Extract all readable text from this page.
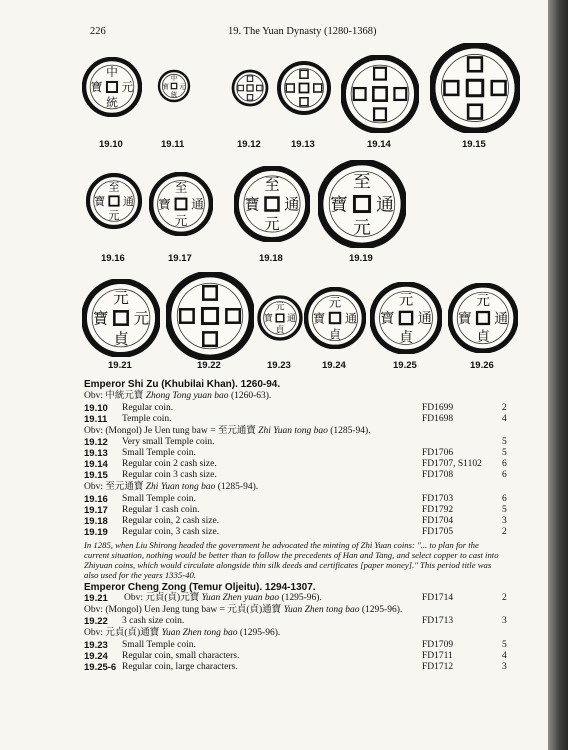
226	19. The Yuan Dynasty (1280-1368)
中
元
統
寶
19.10
中
元
統
寶
19.11	19.12	19.13	19.14	19.15
至
通
元
寶
19.16
至
通
元
寶
19.17
至
通
元
寶
19.18
至
通
元
寶
19.19
元
元
貞
寶
19.21	19.22
元
通
貞
寶
19.23
元
通
貞
寶
19.24
元
通
貞
寶
19.25
元
通
貞
寶
19.26
Emperor Shi Zu (Khubilai Khan). 1260-94.
Obv: 中統元寶 Zhong Tong yuan bao (1260-63).
19.10 Regular coin.	FD1699	2
19.11 Temple coin.	FD1698	4
Obv: (Mongol) Je Uen tung baw = 至元通寶 Zhi Yuan tong bao (1285-94).
19.12 Very small Temple coin.	5
19.13 Small Temple coin.	FD1706	5
19.14 Regular coin 2 cash size.	FD1707, S1102 6
19.15 Regular coin 3 cash size.	FD1708	6
Obv: 至元通寶 Zhi Yuan tong bao (1285-94).
19.16 Small Temple coin.	FD1703	6
19.17 Regular 1 cash coin.	FD1792	5
19.18 Regular coin, 2 cash size.	FD1704	3
19.19 Regular coin, 3 cash size.	FD1705	2
In 1285, when Liu Shirong headed the government he advocated the minting of Zhi Yuan coins: "... to plan for the current situation, nothing would be better than to follow the precedents of Han and Tang, and select copper to cast into Zhiyuan coins, which would circulate alongside thin silk deeds and certificates [paper money]." This period title was also used for the years 1335-40.
Emperor Cheng Zong (Temur Oljeitu). 1294-1307.
19.21 Obv: 元貞(貞)元寶 Yuan Zhen yuan bao (1295-96).	FD1714	2
Obv: (Mongol) Uen Jeng tung baw = 元貞(貞)通寶 Yuan Zhen tong bao (1295-96).
19.22 3 cash size coin.	FD1713	3
Obv: 元貞(貞)通寶 Yuan Zhen tong bao (1295-96).
19.23 Small Temple coin.	FD1709	5
19.24 Regular coin, small characters.	FD1711	4
19.25-6 Regular coin, large characters.	FD1712	3
